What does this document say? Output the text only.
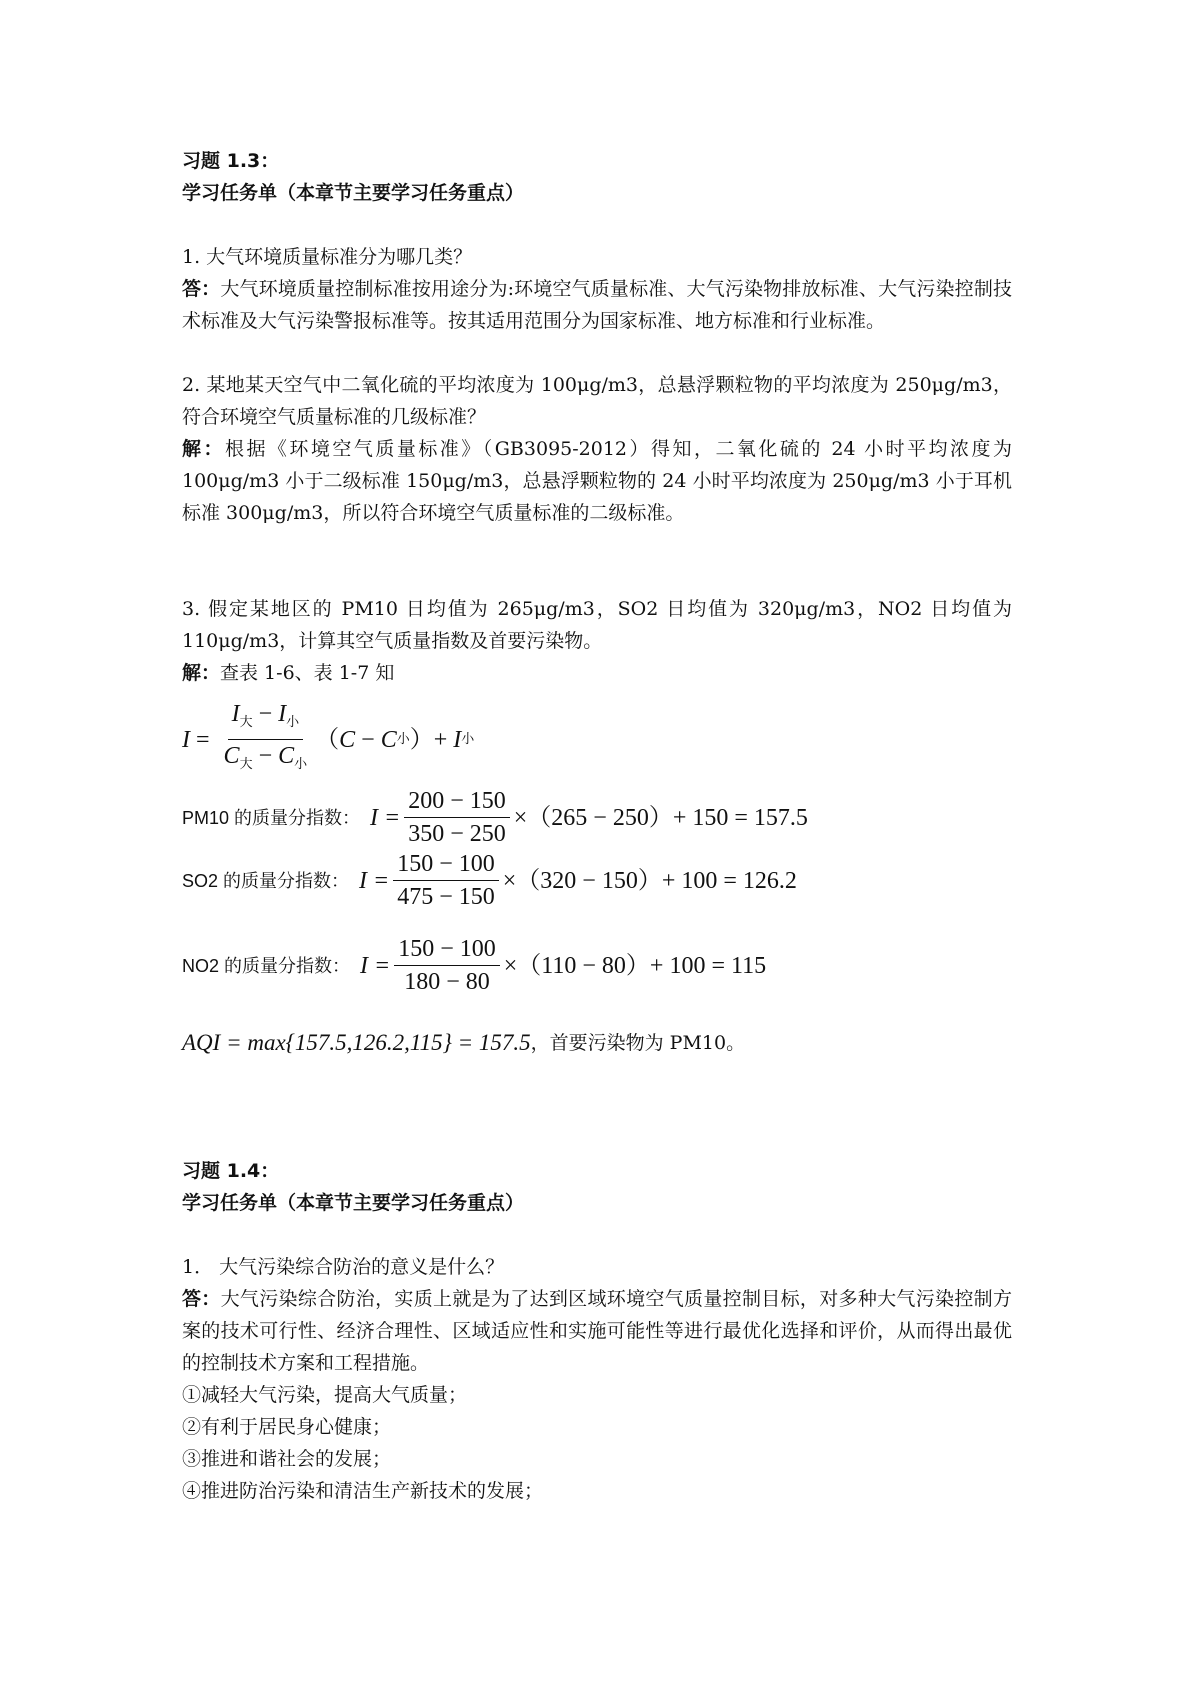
习题 1.3：
学习任务单（本章节主要学习任务重点）
1. 大气环境质量标准分为哪几类？
答：大气环境质量控制标准按用途分为:环境空气质量标准、大气污染物排放标准、大气污染控制技术标准及大气污染警报标准等。按其适用范围分为国家标准、地方标准和行业标准。
2. 某地某天空气中二氧化硫的平均浓度为 100μg/m3，总悬浮颗粒物的平均浓度为 250μg/m3，符合环境空气质量标准的几级标准？
解：根据《环境空气质量标准》（GB3095-2012）得知，二氧化硫的 24 小时平均浓度为 100μg/m3 小于二级标准 150μg/m3，总悬浮颗粒物的 24 小时平均浓度为 250μg/m3 小于耳机标准 300μg/m3，所以符合环境空气质量标准的二级标准。
3. 假定某地区的 PM10 日均值为 265μg/m3，SO2 日均值为 320μg/m3，NO2 日均值为 110μg/m3，计算其空气质量指数及首要污染物。
解：查表 1-6、表 1-7 知
$I = \frac{I_大 - I_小}{C_大 - C_小}$ （ C
−
C 小 ） +
I 小
PM10 的质量分指数： $I = \frac{200 - 150}{350 - 250} \times(265 - 250)+ 150 = 157.5$
SO2 的质量分指数： $I = \frac{150 - 100}{475 - 150} \times(320 - 150)+ 100 = 126.2$
NO2 的质量分指数： $I = \frac{150 - 100}{180 - 80} \times(110 - 80)+ 100 = 115$
AQI = max{157.5,126.2,115} = 157.5 ，首要污染物为 PM10。
习题 1.4：
学习任务单（本章节主要学习任务重点）
1． 大气污染综合防治的意义是什么？
答：大气污染综合防治，实质上就是为了达到区域环境空气质量控制目标，对多种大气污染控制方案的技术可行性、经济合理性、区域适应性和实施可能性等进行最优化选择和评价，从而得出最优的控制技术方案和工程措施。
①减轻大气污染，提高大气质量；
②有利于居民身心健康；
③推进和谐社会的发展；
④推进防治污染和清洁生产新技术的发展；
